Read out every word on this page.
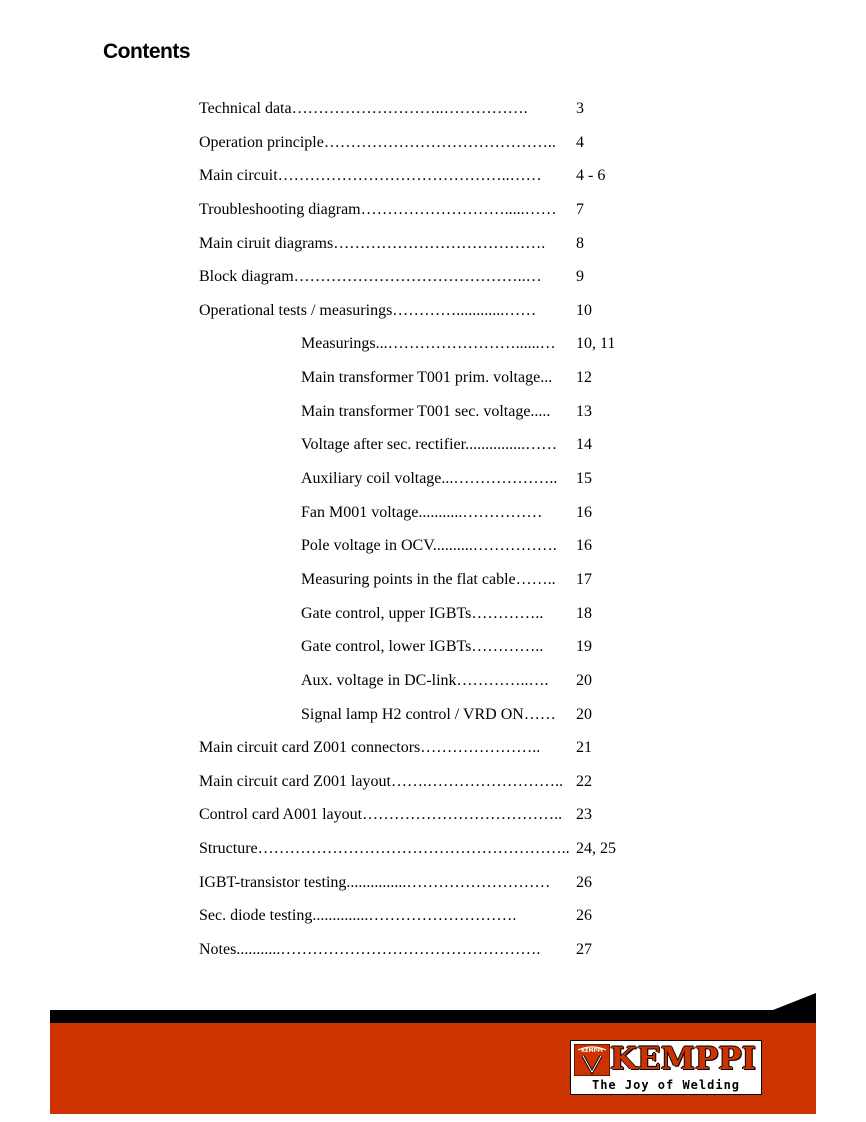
Contents
Technical data………………………..…………….	3
Operation principle…………………………………….. 4
Main circuit……………………………………..…… 4 - 6
Troubleshooting diagram……………………….....…… 7
Main ciruit diagrams…………………………………. 8
Block diagram……………………………………..… 9
Operational tests / measurings…………............…… 10
Measurings...……………………......… 10, 11
Main transformer T001 prim. voltage... 12
Main transformer T001 sec. voltage..... 13
Voltage after sec. rectifier...............…… 14
Auxiliary coil voltage...……………….. 15
Fan M001 voltage...........…………… 16
Pole voltage in OCV..........……………. 16
Measuring points in the flat cable…….. 17
Gate control, upper IGBTs………….. 18
Gate control, lower IGBTs………….. 19
Aux. voltage in DC-link…………..…. 20
Signal lamp H2 control / VRD ON…… 20
Main circuit card Z001 connectors………………….. 21
Main circuit card Z001 layout…….…………………….. 22
Control card A001 layout……………………………….. 23
Structure………………………………………………….. 24, 25
IGBT-transistor testing...............……………………… 26
Sec. diode testing..............……………………….	26
Notes...........…………………………………………. 27
KEMPPI KEMPPI
The Joy of Welding
